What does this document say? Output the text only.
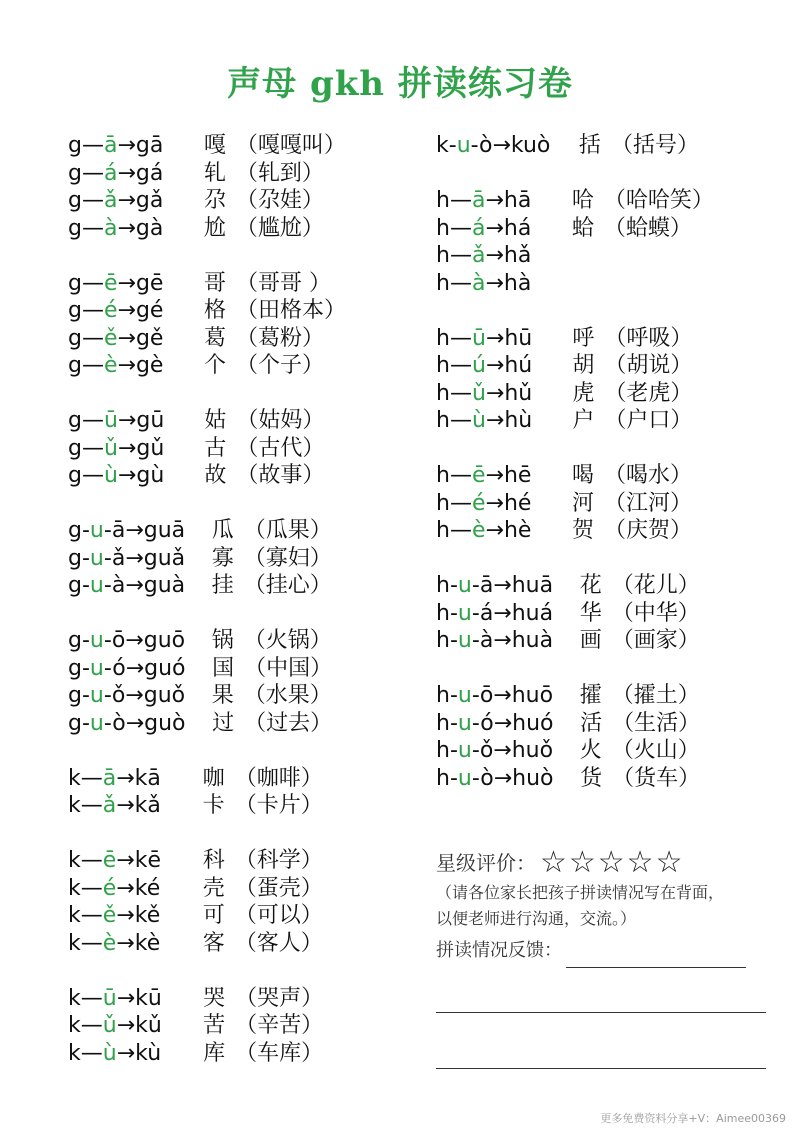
声母 gkh 拼读练习卷
g—ā→gā 嘎 （嘎嘎叫）
g—á→gá 轧 （轧到）
g—ǎ→gǎ 尕 （尕娃）
g—à→gà 尬 （尴尬）
g—ē→gē 哥 （哥哥 ）
g—é→gé 格 （田格本）
g—ě→gě 葛 （葛粉）
g—è→gè 个 （个子）
g—ū→gū 姑 （姑妈）
g—ǔ→gǔ 古 （古代）
g—ù→gù 故 （故事）
g-u-ā→guā 瓜 （瓜果）
g-u-ǎ→guǎ 寡 （寡妇）
g-u-à→guà 挂 （挂心）
g-u-ō→guō 锅 （火锅）
g-u-ó→guó 国 （中国）
g-u-ǒ→guǒ 果 （水果）
g-u-ò→guò 过 （过去）
k—ā→kā 咖 （咖啡）
k—ǎ→kǎ 卡 （卡片）
k—ē→kē 科 （科学）
k—é→ké 壳 （蛋壳）
k—ě→kě 可 （可以）
k—è→kè 客 （客人）
k—ū→kū 哭 （哭声）
k—ǔ→kǔ 苦 （辛苦）
k—ù→kù 库 （车库）
k-u-ò→kuò 括 （括号）
h—ā→hā 哈 （哈哈笑）
h—á→há 蛤 （蛤蟆）
h—ǎ→hǎ
h—à→hà
h—ū→hū 呼 （呼吸）
h—ú→hú 胡 （胡说）
h—ǔ→hǔ 虎 （老虎）
h—ù→hù 户 （户口）
h—ē→hē 喝 （喝水）
h—é→hé 河 （江河）
h—è→hè 贺 （庆贺）
h-u-ā→huā 花 （花儿）
h-u-á→huá 华 （中华）
h-u-à→huà 画 （画家）
h-u-ō→huō 攉 （攉土）
h-u-ó→huó 活 （生活）
h-u-ǒ→huǒ 火 （火山）
h-u-ò→huò 货 （货车）
星级评价： ☆☆☆☆☆
（请各位家长把孩子拼读情况写在背面，
以便老师进行沟通，交流。）
拼读情况反馈：
更多免费资料分享+V：Aimee00369
